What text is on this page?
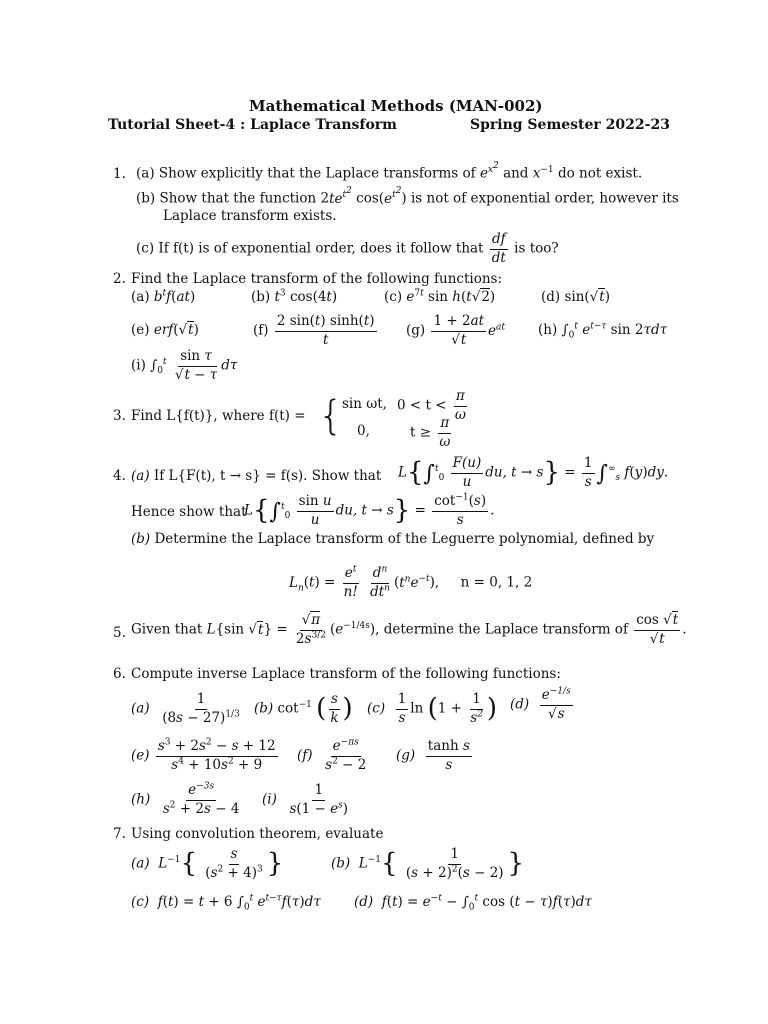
Mathematical Methods (MAN-002)
Tutorial Sheet-4 : Laplace Transform	Spring Semester 2022-23
1. (a) Show explicitly that the Laplace transforms of $e^{x^2}$ and $x^{-1}$ do not exist.
(b) Show that the function $2te^{t^2}$ $\cos(e^{t^2})$ is not of exponential order, however its
Laplace transform exists.
(c) If f(t) is of exponential order, does it follow that $\frac{df}{dt}$ is too?
2. Find the Laplace transform of the following functions:
(a) $b^tf(at)$	(b) $t^3$ cos(4t)	(c) $e^{7t}$ sin h(t√2)	(d) sin(√t)
(e) erf(√t)	$(f) \frac{2 \sin(t) \sinh(t)}{t} (g) \frac{1 + 2at}{√t} e^{at}$ (h) $\int_0^t$ $e^{t-\tau}$ sin 2τdτ
(i) $\int_0^t \frac{\text{sin τ}}{√t - \tau}$ dτ
3. Find L{f(t)}, where f(t) = {
sin ωt, $0 < t < \frac{\pi}{\omega}$
0,	$t \ge \frac{\pi}{\omega}$
4. (a) If L{F(t), t → s} = f(s). Show that $L\{\int^t_0 \frac{F(u)}{u}$ du, $t \to s\} = \frac{1}{s} \int^\infty_s$ f(y)dy.
Hence show that
$L\{\int^t_0 \frac{\text{sin u}}{u}$ du, $t \to s\} = \frac{\cot^{-1}(s)}{s}$ .
(b) Determine the Laplace transform of the Leguerre polynomial, defined by
$L_n(t) = \frac{e^t}{n!}$
$\frac{d^n}{dt^n} (t^ne^{-t})$,     n = 0, 1, 2
5. Given that L{sin $√t\} = \frac{√\pi}{2s^{3/2}} (e^{-1/4s})$, determine the Laplace transform of $\frac{\cos √t}{√t}$ .
6. Compute inverse Laplace transform of the following functions:
$(a) \frac{1}{(8s - 27)^{1/3}} (b)$ $\cot^{-1}$ ( $\frac{s}{k}$ ) $(c) \frac{1}{s}$ $\ln (1 + \frac{1}{s^2}$ ) $(d) \frac{e^{-1/s}}{√s}$
$(e) \frac{s^3 + 2s^2 - s + 12}{s^4 + 10s^2 + 9} (f) \frac{e^{-\pi s}}{s^2 - 2} (g) \frac{\text{tanh s}}{s}$
$(h) \frac{e^{-3s}}{s^2 + 2s - 4} (i) \frac{1}{s(1 - e^s)}$
7. Using convolution theorem, evaluate
(a) $L^{-1}\{ \frac{s}{(s^2 + 4)^3}$ }	(b) $L^{-1}\{ \frac{1}{(s + 2)^2(s - 2)}$ }
(c) f(t) = t + 6 $\int_0^t$ $e^{t-\tau}f(\tau)d\tau$ (d) $f(t) = e^{-t} - \int_0^t$ cos (t − τ)f(τ)dτ
